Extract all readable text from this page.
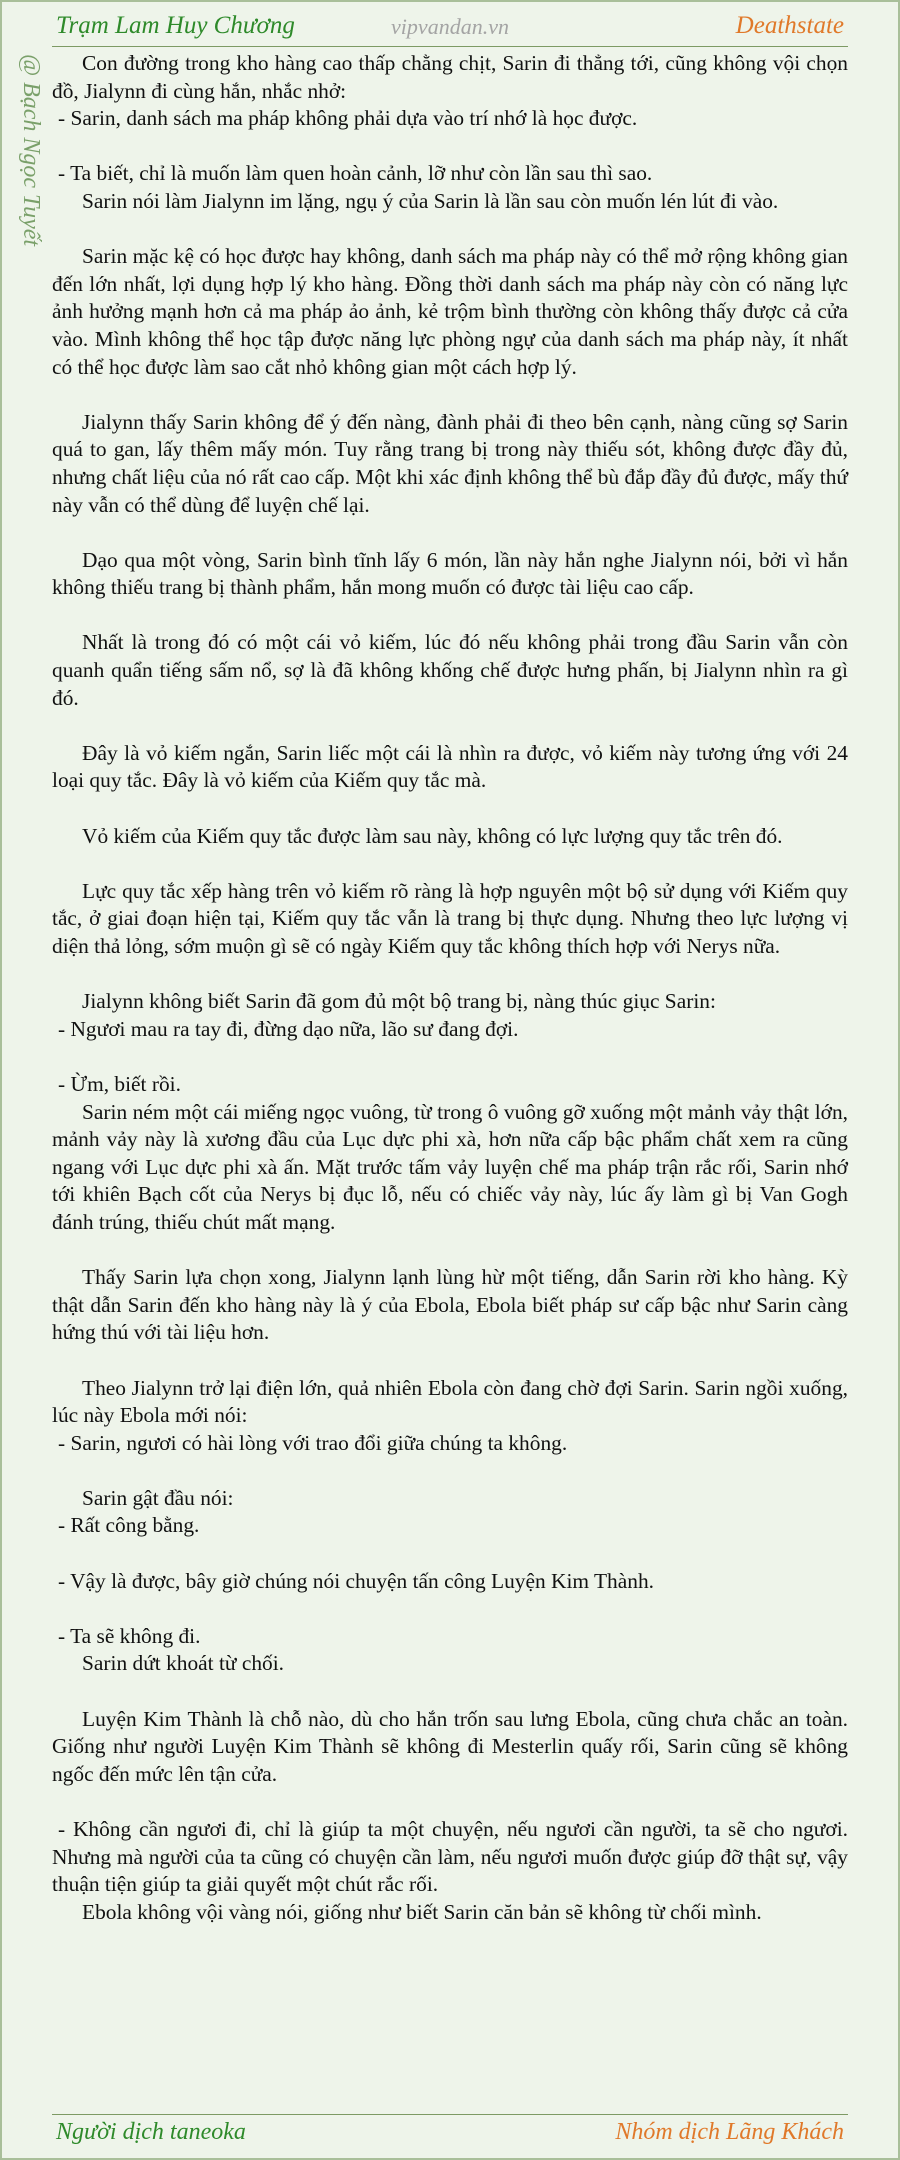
Trạm Lam Huy Chương	vipvandan.vn	Deathstate
@ Bạch Ngọc Tuyết	Con đường trong kho hàng cao thấp chằng chịt, Sarin đi thẳng tới, cũng không vội chọn đồ, Jialynn đi cùng hắn, nhắc nhở:

- Sarin, danh sách ma pháp không phải dựa vào trí nhớ là học được.

- Ta biết, chỉ là muốn làm quen hoàn cảnh, lỡ như còn lần sau thì sao.

Sarin nói làm Jialynn im lặng, ngụ ý của Sarin là lần sau còn muốn lén lút đi vào.

Sarin mặc kệ có học được hay không, danh sách ma pháp này có thể mở rộng không gian đến lớn nhất, lợi dụng hợp lý kho hàng. Đồng thời danh sách ma pháp này còn có năng lực ảnh hưởng mạnh hơn cả ma pháp ảo ảnh, kẻ trộm bình thường còn không thấy được cả cửa vào. Mình không thể học tập được năng lực phòng ngự của danh sách ma pháp này, ít nhất có thể học được làm sao cắt nhỏ không gian một cách hợp lý.

Jialynn thấy Sarin không để ý đến nàng, đành phải đi theo bên cạnh, nàng cũng sợ Sarin quá to gan, lấy thêm mấy món. Tuy rằng trang bị trong này thiếu sót, không được đầy đủ, nhưng chất liệu của nó rất cao cấp. Một khi xác định không thể bù đắp đầy đủ được, mấy thứ này vẫn có thể dùng để luyện chế lại.

Dạo qua một vòng, Sarin bình tĩnh lấy 6 món, lần này hắn nghe Jialynn nói, bởi vì hắn không thiếu trang bị thành phẩm, hắn mong muốn có được tài liệu cao cấp.

Nhất là trong đó có một cái vỏ kiếm, lúc đó nếu không phải trong đầu Sarin vẫn còn quanh quẩn tiếng sấm nổ, sợ là đã không khống chế được hưng phấn, bị Jialynn nhìn ra gì đó.

Đây là vỏ kiếm ngắn, Sarin liếc một cái là nhìn ra được, vỏ kiếm này tương ứng với 24 loại quy tắc. Đây là vỏ kiếm của Kiếm quy tắc mà.

Vỏ kiếm của Kiếm quy tắc được làm sau này, không có lực lượng quy tắc trên đó.

Lực quy tắc xếp hàng trên vỏ kiếm rõ ràng là hợp nguyên một bộ sử dụng với Kiếm quy tắc, ở giai đoạn hiện tại, Kiếm quy tắc vẫn là trang bị thực dụng. Nhưng theo lực lượng vị diện thả lỏng, sớm muộn gì sẽ có ngày Kiếm quy tắc không thích hợp với Nerys nữa.

Jialynn không biết Sarin đã gom đủ một bộ trang bị, nàng thúc giục Sarin:

- Ngươi mau ra tay đi, đừng dạo nữa, lão sư đang đợi.

- Ừm, biết rồi.

Sarin ném một cái miếng ngọc vuông, từ trong ô vuông gỡ xuống một mảnh vảy thật lớn, mảnh vảy này là xương đầu của Lục dực phi xà, hơn nữa cấp bậc phẩm chất xem ra cũng ngang với Lục dực phi xà ấn. Mặt trước tấm vảy luyện chế ma pháp trận rắc rối, Sarin nhớ tới khiên Bạch cốt của Nerys bị đục lỗ, nếu có chiếc vảy này, lúc ấy làm gì bị Van Gogh đánh trúng, thiếu chút mất mạng.

Thấy Sarin lựa chọn xong, Jialynn lạnh lùng hừ một tiếng, dẫn Sarin rời kho hàng. Kỳ thật dẫn Sarin đến kho hàng này là ý của Ebola, Ebola biết pháp sư cấp bậc như Sarin càng hứng thú với tài liệu hơn.

Theo Jialynn trở lại điện lớn, quả nhiên Ebola còn đang chờ đợi Sarin. Sarin ngồi xuống, lúc này Ebola mới nói:

- Sarin, ngươi có hài lòng với trao đổi giữa chúng ta không.

Sarin gật đầu nói:

- Rất công bằng.

- Vậy là được, bây giờ chúng nói chuyện tấn công Luyện Kim Thành.

- Ta sẽ không đi.

Sarin dứt khoát từ chối.

Luyện Kim Thành là chỗ nào, dù cho hắn trốn sau lưng Ebola, cũng chưa chắc an toàn. Giống như người Luyện Kim Thành sẽ không đi Mesterlin quấy rối, Sarin cũng sẽ không ngốc đến mức lên tận cửa.

- Không cần ngươi đi, chỉ là giúp ta một chuyện, nếu ngươi cần người, ta sẽ cho ngươi. Nhưng mà người của ta cũng có chuyện cần làm, nếu ngươi muốn được giúp đỡ thật sự, vậy thuận tiện giúp ta giải quyết một chút rắc rối.

Ebola không vội vàng nói, giống như biết Sarin căn bản sẽ không từ chối mình.

Người dịch taneoka	Nhóm dịch Lãng Khách
